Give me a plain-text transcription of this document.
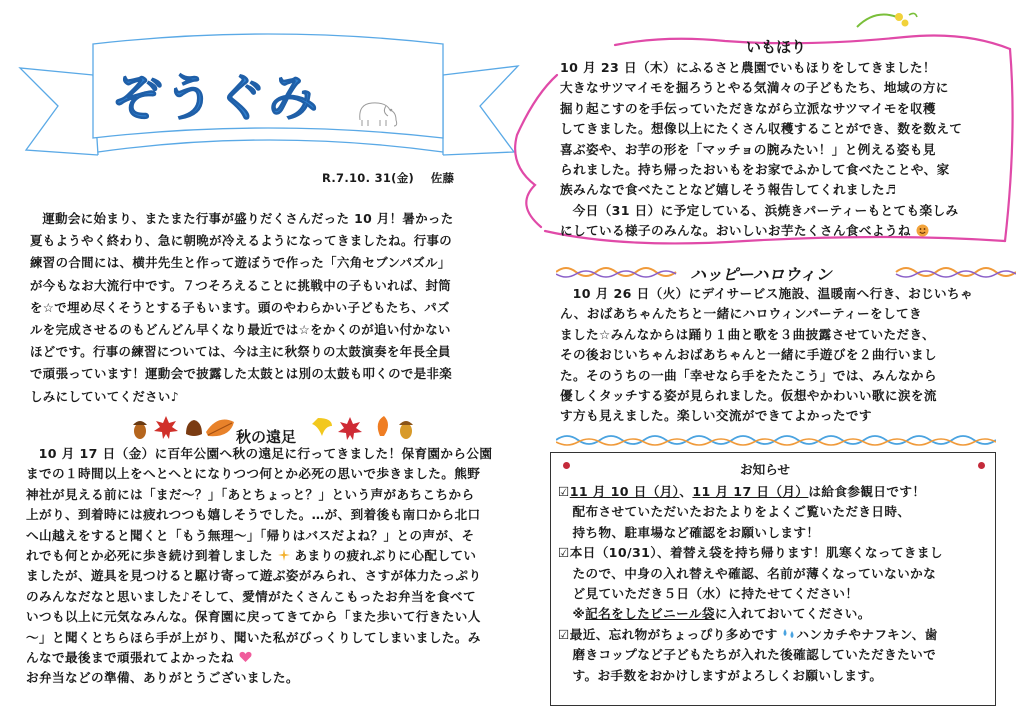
ぞうぐみ
R.7.10. 31(金) 佐藤
運動会に始まり、またまた行事が盛りだくさんだった 10 月！暑かった
夏もようやく終わり、急に朝晩が冷えるようになってきましたね。行事の
練習の合間には、横井先生と作って遊ぼうで作った「六角セブンパズル」
が今もなお大流行中です。７つそろえることに挑戦中の子もいれば、封筒
を☆で埋め尽くそうとする子もいます。頭のやわらかい子どもたち、パズ
ルを完成させるのもどんどん早くなり最近では☆をかくのが追い付かない
ほどです。行事の練習については、今は主に秋祭りの太鼓演奏を年長全員
で頑張っています！運動会で披露した太鼓とは別の太鼓も叩くので是非楽
しみにしていてください♪
秋の遠足
10 月 17 日（金）に百年公園へ秋の遠足に行ってきました！保育園から公園
までの１時間以上をへとへとになりつつ何とか必死の思いで歩きました。熊野
神社が見える前には「まだ～？」「あとちょっと？」という声があちこちから
上がり、到着時には疲れつつも嬉しそうでした。…が、到着後も南口から北口
へ山越えをすると聞くと「もう無理～」「帰りはバスだよね？」との声が、そ
れでも何とか必死に歩き続け到着しました あまりの疲れぶりに心配してい
ましたが、遊具を見つけると駆け寄って遊ぶ姿がみられ、さすが体力たっぷり
のみんなだなと思いました♪そして、愛情がたくさんこもったお弁当を食べて
いつも以上に元気なみんな。保育園に戻ってきてから「また歩いて行きたい人
～」と聞くとちらほら手が上がり、聞いた私がびっくりしてしまいました。み
んなで最後まで頑張れてよかったね
お弁当などの準備、ありがとうございました。
いもほり
10 月 23 日（木）にふるさと農園でいもほりをしてきました！
大きなサツマイモを掘ろうとやる気満々の子どもたち、地域の方に
掘り起こすのを手伝っていただきながら立派なサツマイモを収穫
してきました。想像以上にたくさん収穫することができ、数を数えて
喜ぶ姿や、お芋の形を「マッチョの腕みたい！」と例える姿も見
られました。持ち帰ったおいもをお家でふかして食べたことや、家
族みんなで食べたことなど嬉しそう報告してくれました♬
今日（31 日）に予定している、浜焼きパーティーもとても楽しみ
にしている様子のみんな。おいしいお芋たくさん食べようね
ハッピーハロウィン
10 月 26 日（火）にデイサービス施設、温暖南へ行き、おじいちゃ
ん、おばあちゃんたちと一緒にハロウィンパーティーをしてき
ました☆みんなからは踊り１曲と歌を３曲披露させていただき、
その後おじいちゃんおばあちゃんと一緒に手遊びを２曲行いまし
た。そのうちの一曲「幸せなら手をたたこう」では、みんなから
優しくタッチする姿が見られました。仮想やかわいい歌に涙を流
す方も見えました。楽しい交流ができてよかったです
お知らせ
☑11 月 10 日（月）、11 月 17 日（月）は給食参観日です！
配布させていただいたおたよりをよくご覧いただき日時、
持ち物、駐車場など確認をお願いします！
☑本日（10/31）、着替え袋を持ち帰ります！肌寒くなってきまし
たので、中身の入れ替えや確認、名前が薄くなっていないかな
ど見ていただき５日（水）に持たせてください！
※記名をしたビニール袋に入れておいてください。
☑最近、忘れ物がちょっぴり多めです ハンカチやナフキン、歯
磨きコップなど子どもたちが入れた後確認していただきたいで
す。お手数をおかけしますがよろしくお願いします。
